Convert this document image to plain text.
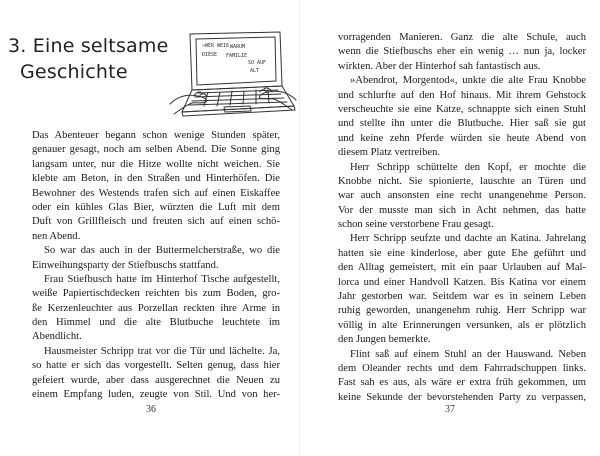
3. Eine seltsame
Geschichte
»WER WEIß WARUM
DIESE FAMILIE
SO AUF
ALT
Das Abenteuer begann schon wenige Stunden später,
genauer gesagt, noch am selben Abend. Die Sonne ging
langsam unter, nur die Hitze wollte nicht weichen. Sie
klebte am Beton, in den Straßen und Hinterhöfen. Die
Bewohner des Westends trafen sich auf einen Eiskaffee
oder ein kühles Glas Bier, würzten die Luft mit dem
Duft von Grillfleisch und freuten sich auf einen schö-
nen Abend.
So war das auch in der Buttermelcherstraße, wo die
Einweihungsparty der Stiefbuschs stattfand.
Frau Stiefbusch hatte im Hinterhof Tische aufgestellt,
weiße Papiertischdecken reichten bis zum Boden, gro-
ße Kerzenleuchter aus Porzellan reckten ihre Arme in
den Himmel und die alte Blutbuche leuchtete im
Abendlicht.
Hausmeister Schripp trat vor die Tür und lächelte. Ja,
so hatte er sich das vorgestellt. Selten genug, dass hier
gefeiert wurde, aber dass ausgerechnet die Neuen zu
einem Empfang luden, zeugte von Stil. Und von her-
36
vorragenden Manieren. Ganz die alte Schule, auch
wenn die Stiefbuschs eher ein wenig … nun ja, locker
wirkten. Aber der Hinterhof sah fantastisch aus.
»Abendrot, Morgentod«, unkte die alte Frau Knobbe
und schlurfte auf den Hof hinaus. Mit ihrem Gehstock
verscheuchte sie eine Katze, schnappte sich einen Stuhl
und stellte ihn unter die Blutbuche. Hier saß sie gut
und keine zehn Pferde würden sie heute Abend von
diesem Platz vertreiben.
Herr Schripp schüttelte den Kopf, er mochte die
Knobbe nicht. Sie spionierte, lauschte an Türen und
war auch ansonsten eine recht unangenehme Person.
Vor der musste man sich in Acht nehmen, das hatte
schon seine verstorbene Frau gesagt.
Herr Schripp seufzte und dachte an Katina. Jahrelang
hatten sie eine kinderlose, aber gute Ehe geführt und
den Alltag gemeistert, mit ein paar Urlauben auf Mal-
lorca und einer Handvoll Katzen. Bis Katina vor einem
Jahr gestorben war. Seitdem war es in seinem Leben
ruhig geworden, unangenehm ruhig. Herr Schripp war
völlig in alte Erinnerungen versunken, als er plötzlich
den Jungen bemerkte.
Flint saß auf einem Stuhl an der Hauswand. Neben
dem Oleander rechts und dem Fahrradschuppen links.
Fast sah es aus, als wäre er extra früh gekommen, um
keine Sekunde der bevorstehenden Party zu verpassen,
37
